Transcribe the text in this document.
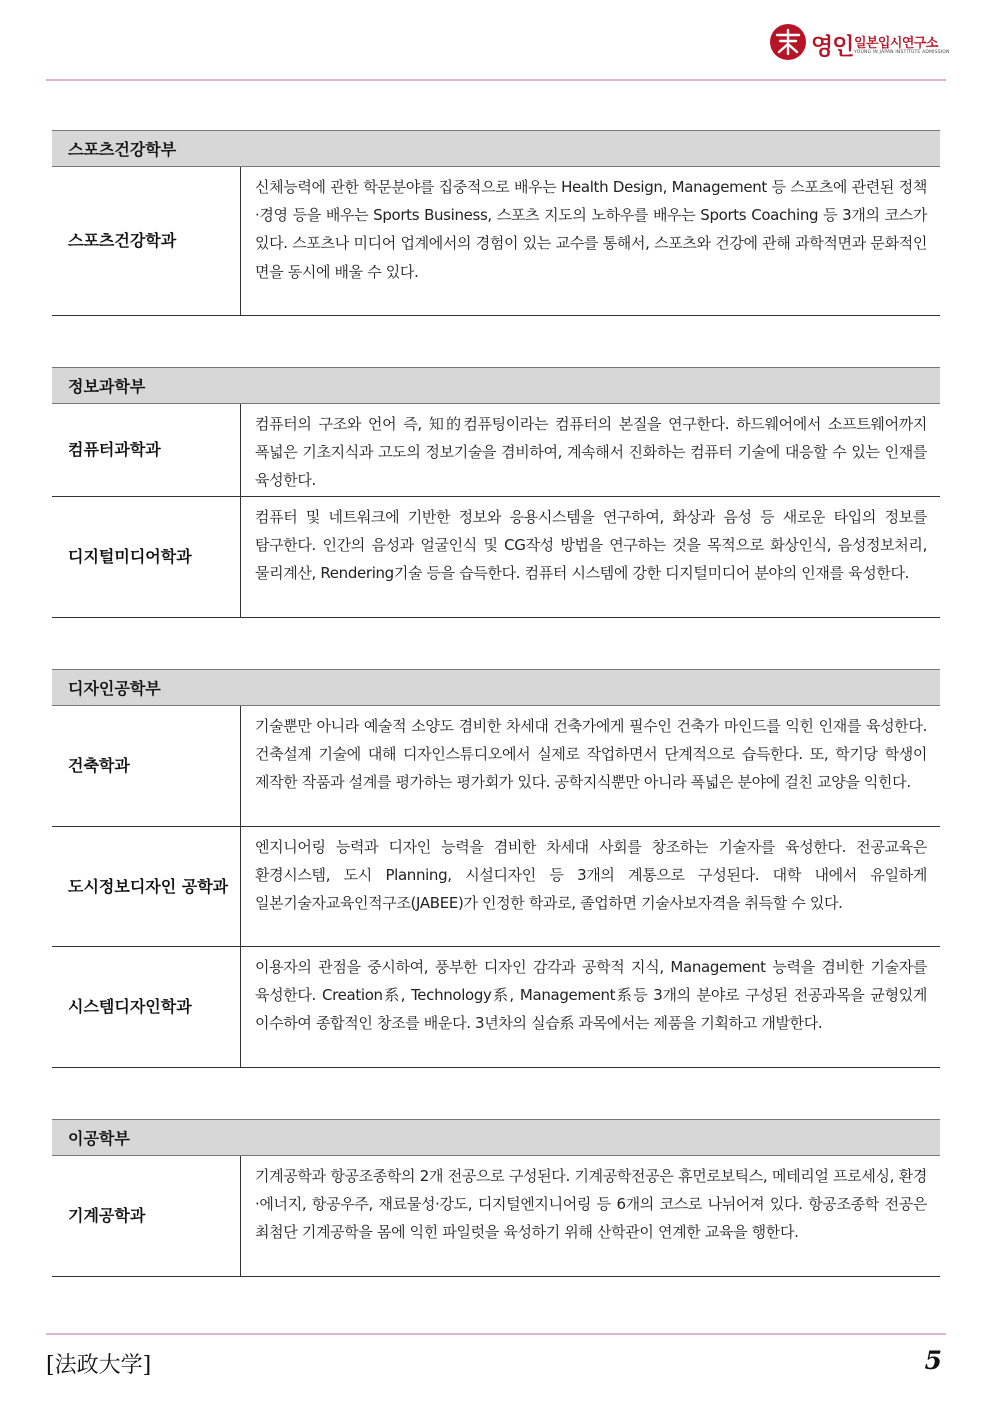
영인 일본입시연구소
YOUNG IN JAPAN INSTITUTE ADMISSION
스포츠건강학부
스포츠건강학과
신체능력에 관한 학문분야를 집중적으로 배우는 Health Design, Management 등 스포츠에 관련된 정책·경영 등을 배우는 Sports Business, 스포츠 지도의 노하우를 배우는 Sports Coaching 등 3개의 코스가 있다. 스포츠나 미디어 업계에서의 경험이 있는 교수를 통해서, 스포츠와 건강에 관해 과학적면과 문화적인 면을 동시에 배울 수 있다.
정보과학부
컴퓨터과학과
컴퓨터의 구조와 언어 즉, 知的컴퓨팅이라는 컴퓨터의 본질을 연구한다. 하드웨어에서 소프트웨어까지 폭넓은 기초지식과 고도의 정보기술을 겸비하여, 계속해서 진화하는 컴퓨터 기술에 대응할 수 있는 인재를 육성한다.
디지털미디어학과
컴퓨터 및 네트워크에 기반한 정보와 응용시스템을 연구하여, 화상과 음성 등 새로운 타입의 정보를 탐구한다. 인간의 음성과 얼굴인식 및 CG작성 방법을 연구하는 것을 목적으로 화상인식, 음성정보처리, 물리계산, Rendering기술 등을 습득한다. 컴퓨터 시스템에 강한 디지털미디어 분야의 인재를 육성한다.
디자인공학부
건축학과
기술뿐만 아니라 예술적 소양도 겸비한 차세대 건축가에게 필수인 건축가 마인드를 익힌 인재를 육성한다. 건축설계 기술에 대해 디자인스튜디오에서 실제로 작업하면서 단계적으로 습득한다. 또, 학기당 학생이 제작한 작품과 설계를 평가하는 평가회가 있다. 공학지식뿐만 아니라 폭넓은 분야에 걸친 교양을 익힌다.
도시정보디자인 공학과
엔지니어링 능력과 디자인 능력을 겸비한 차세대 사회를 창조하는 기술자를 육성한다. 전공교육은 환경시스템, 도시 Planning, 시설디자인 등 3개의 계통으로 구성된다. 대학 내에서 유일하게 일본기술자교육인적구조(JABEE)가 인정한 학과로, 졸업하면 기술사보자격을 취득할 수 있다.
시스템디자인학과
이용자의 관점을 중시하여, 풍부한 디자인 감각과 공학적 지식, Management 능력을 겸비한 기술자를 육성한다. Creation系, Technology系, Management系등 3개의 분야로 구성된 전공과목을 균형있게 이수하여 종합적인 창조를 배운다. 3년차의 실습系 과목에서는 제품을 기획하고 개발한다.
이공학부
기계공학과
기계공학과 항공조종학의 2개 전공으로 구성된다. 기계공학전공은 휴먼로보틱스, 메테리얼 프로세싱, 환경·에너지, 항공우주, 재료물성·강도, 디지털엔지니어링 등 6개의 코스로 나뉘어져 있다. 항공조종학 전공은 최첨단 기계공학을 몸에 익힌 파일럿을 육성하기 위해 산학관이 연계한 교육을 행한다.
[法政大学]	5
